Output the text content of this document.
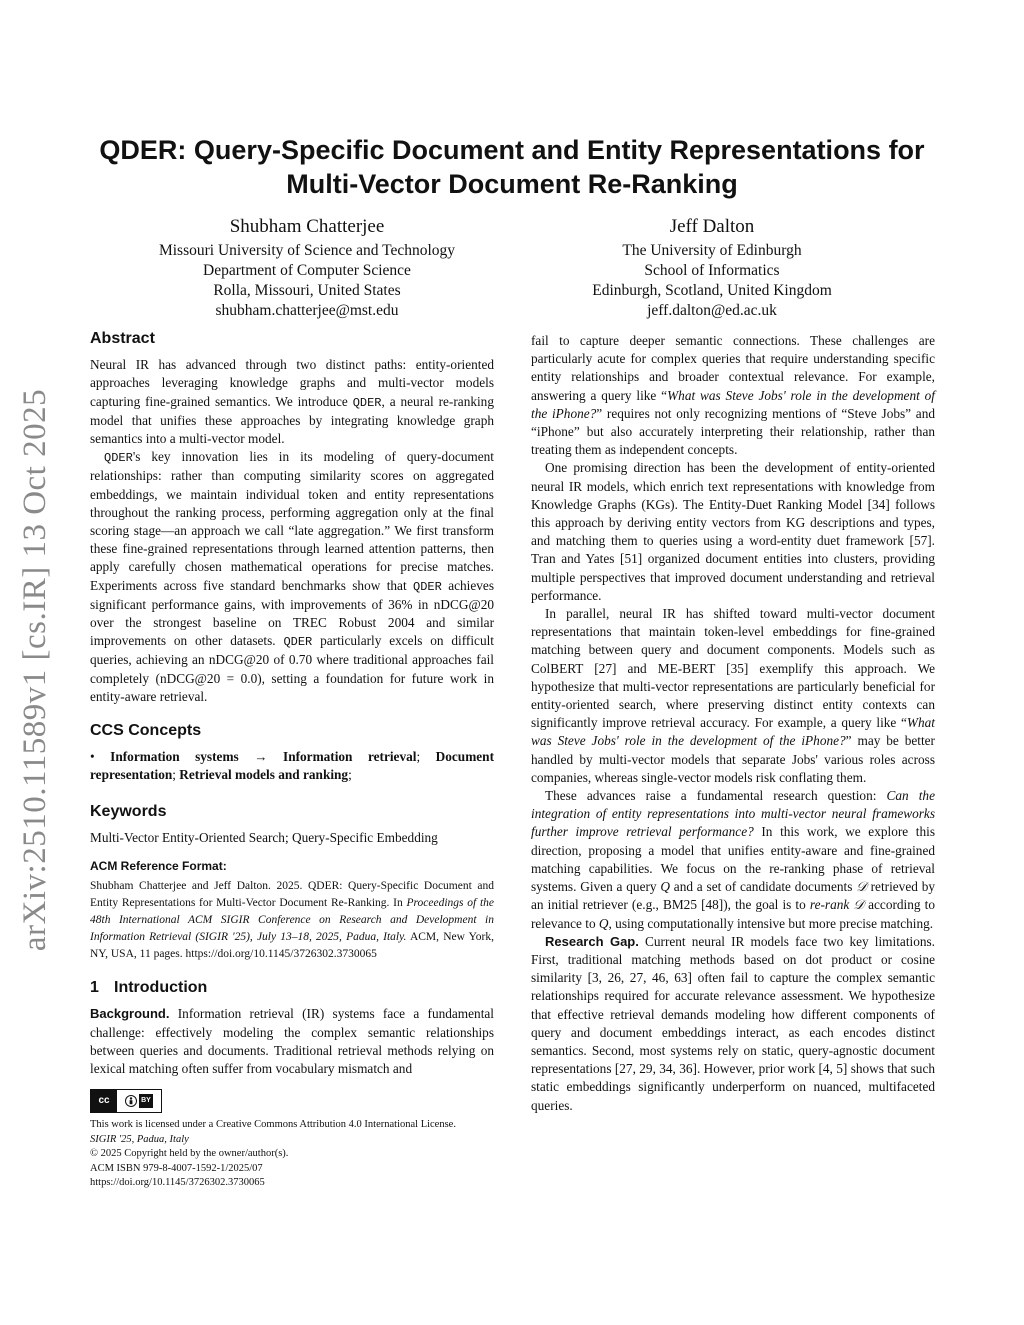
arXiv:2510.11589v1 [cs.IR] 13 Oct 2025
QDER: Query-Specific Document and Entity Representations for
Multi-Vector Document Re-Ranking
Shubham Chatterjee
Missouri University of Science and Technology
Department of Computer Science
Rolla, Missouri, United States
shubham.chatterjee@mst.edu
Jeff Dalton
The University of Edinburgh
School of Informatics
Edinburgh, Scotland, United Kingdom
jeff.dalton@ed.ac.uk
Abstract

Neural IR has advanced through two distinct paths: entity-oriented approaches leveraging knowledge graphs and multi-vector models capturing fine-grained semantics. We introduce QDER, a neural re-ranking model that unifies these approaches by integrating knowledge graph semantics into a multi-vector model.

QDER's key innovation lies in its modeling of query-document relationships: rather than computing similarity scores on aggregated embeddings, we maintain individual token and entity representations throughout the ranking process, performing aggregation only at the final scoring stage—an approach we call “late aggregation.” We first transform these fine-grained representations through learned attention patterns, then apply carefully chosen mathematical operations for precise matches. Experiments across five standard benchmarks show that QDER achieves significant performance gains, with improvements of 36% in nDCG@20 over the strongest baseline on TREC Robust 2004 and similar improvements on other datasets. QDER particularly excels on difficult queries, achieving an nDCG@20 of 0.70 where traditional approaches fail completely (nDCG@20 = 0.0), setting a foundation for future work in entity-aware retrieval.

CCS Concepts

• Information systems → Information retrieval; Document representation; Retrieval models and ranking;

Keywords

Multi-Vector Entity-Oriented Search; Query-Specific Embedding

ACM Reference Format:

Shubham Chatterjee and Jeff Dalton. 2025. QDER: Query-Specific Document and Entity Representations for Multi-Vector Document Re-Ranking. In Proceedings of the 48th International ACM SIGIR Conference on Research and Development in Information Retrieval (SIGIR '25), July 13–18, 2025, Padua, Italy. ACM, New York, NY, USA, 11 pages. https://doi.org/10.1145/3726302.3730065

1 Introduction

Background. Information retrieval (IR) systems face a fundamental challenge: effectively modeling the complex semantic relationships between queries and documents. Traditional retrieval methods relying on lexical matching often suffer from vocabulary mismatch and

cc	BY
This work is licensed under a Creative Commons Attribution 4.0 International License.
SIGIR '25, Padua, Italy
© 2025 Copyright held by the owner/author(s).
ACM ISBN 979-8-4007-1592-1/2025/07
https://doi.org/10.1145/3726302.3730065

fail to capture deeper semantic connections. These challenges are particularly acute for complex queries that require understanding specific entity relationships and broader contextual relevance. For example, answering a query like “What was Steve Jobs' role in the development of the iPhone?” requires not only recognizing mentions of “Steve Jobs” and “iPhone” but also accurately interpreting their relationship, rather than treating them as independent concepts.

One promising direction has been the development of entity-oriented neural IR models, which enrich text representations with knowledge from Knowledge Graphs (KGs). The Entity-Duet Ranking Model [34] follows this approach by deriving entity vectors from KG descriptions and types, and matching them to queries using a word-entity duet framework [57]. Tran and Yates [51] organized document entities into clusters, providing multiple perspectives that improved document understanding and retrieval performance.

In parallel, neural IR has shifted toward multi-vector document representations that maintain token-level embeddings for fine-grained matching between query and document components. Models such as ColBERT [27] and ME-BERT [35] exemplify this approach. We hypothesize that multi-vector representations are particularly beneficial for entity-oriented search, where preserving distinct entity contexts can significantly improve retrieval accuracy. For example, a query like “What was Steve Jobs' role in the development of the iPhone?” may be better handled by multi-vector models that separate Jobs' various roles across companies, whereas single-vector models risk conflating them.

These advances raise a fundamental research question: Can the integration of entity representations into multi-vector neural frameworks further improve retrieval performance? In this work, we explore this direction, proposing a model that unifies entity-aware and fine-grained matching capabilities. We focus on the re-ranking phase of retrieval systems. Given a query Q and a set of candidate documents 𝒟 retrieved by an initial retriever (e.g., BM25 [48]), the goal is to re-rank 𝒟 according to relevance to Q, using computationally intensive but more precise matching.

Research Gap. Current neural IR models face two key limitations. First, traditional matching methods based on dot product or cosine similarity [3, 26, 27, 46, 63] often fail to capture the complex semantic relationships required for accurate relevance assessment. We hypothesize that effective retrieval demands modeling how different components of query and document embeddings interact, as each encodes distinct semantics. Second, most systems rely on static, query-agnostic document representations [27, 29, 34, 36]. However, prior work [4, 5] shows that such static embeddings significantly underperform on nuanced, multifaceted queries.
